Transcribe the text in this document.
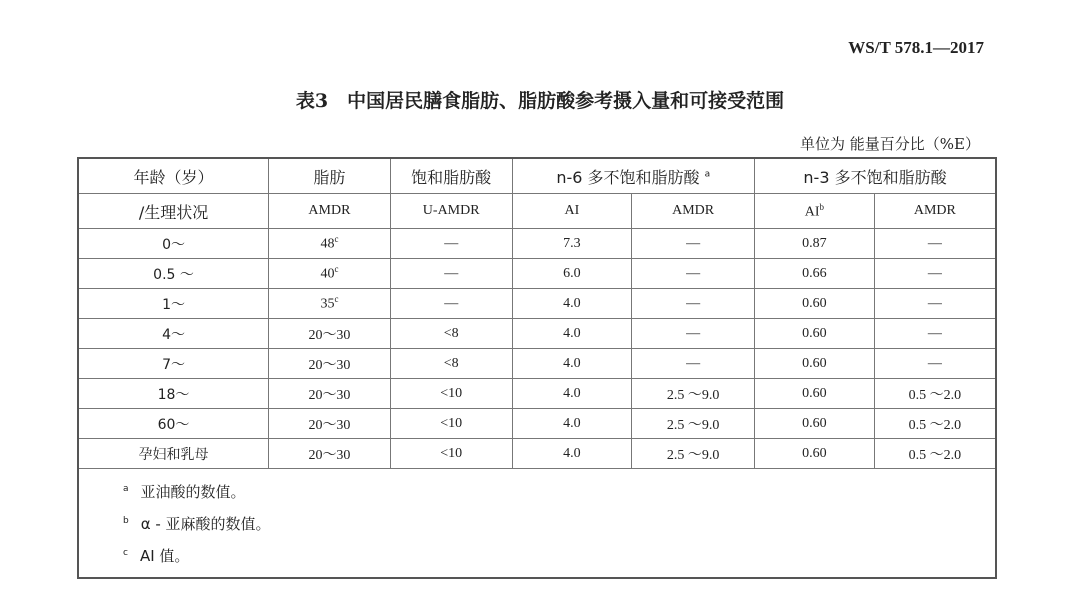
WS/T 578.1—2017
表3　中国居民膳食脂肪、脂肪酸参考摄入量和可接受范围
单位为 能量百分比（%E）
年龄（岁）	脂肪	饱和脂肪酸	n-6 多不饱和脂肪酸 $^a$		n-3 多不饱和脂肪酸	
/生理状况	AMDR	U-AMDR	AI	AMDR	$AI^b$	AMDR
0～	48$^c$	—	7.3	—	0.87	—
0.5 ～	40$^c$	—	6.0	—	0.66	—
1～	35$^c$	—	4.0	—	0.60	—
4～	20～30	<8	4.0	—	0.60	—
7～	20～30	<8	4.0	—	0.60	—
18～	20～30	<10	4.0	2.5 ～9.0	0.60	0.5 ～2.0
60～	20～30	<10	4.0	2.5 ～9.0	0.60	0.5 ～2.0
孕妇和乳母	20～30	<10	4.0	2.5 ～9.0	0.60	0.5 ～2.0

$^a$ 亚油酸的数值。
$^b$ α - 亚麻酸的数值。
$^c$ AI 值。						
